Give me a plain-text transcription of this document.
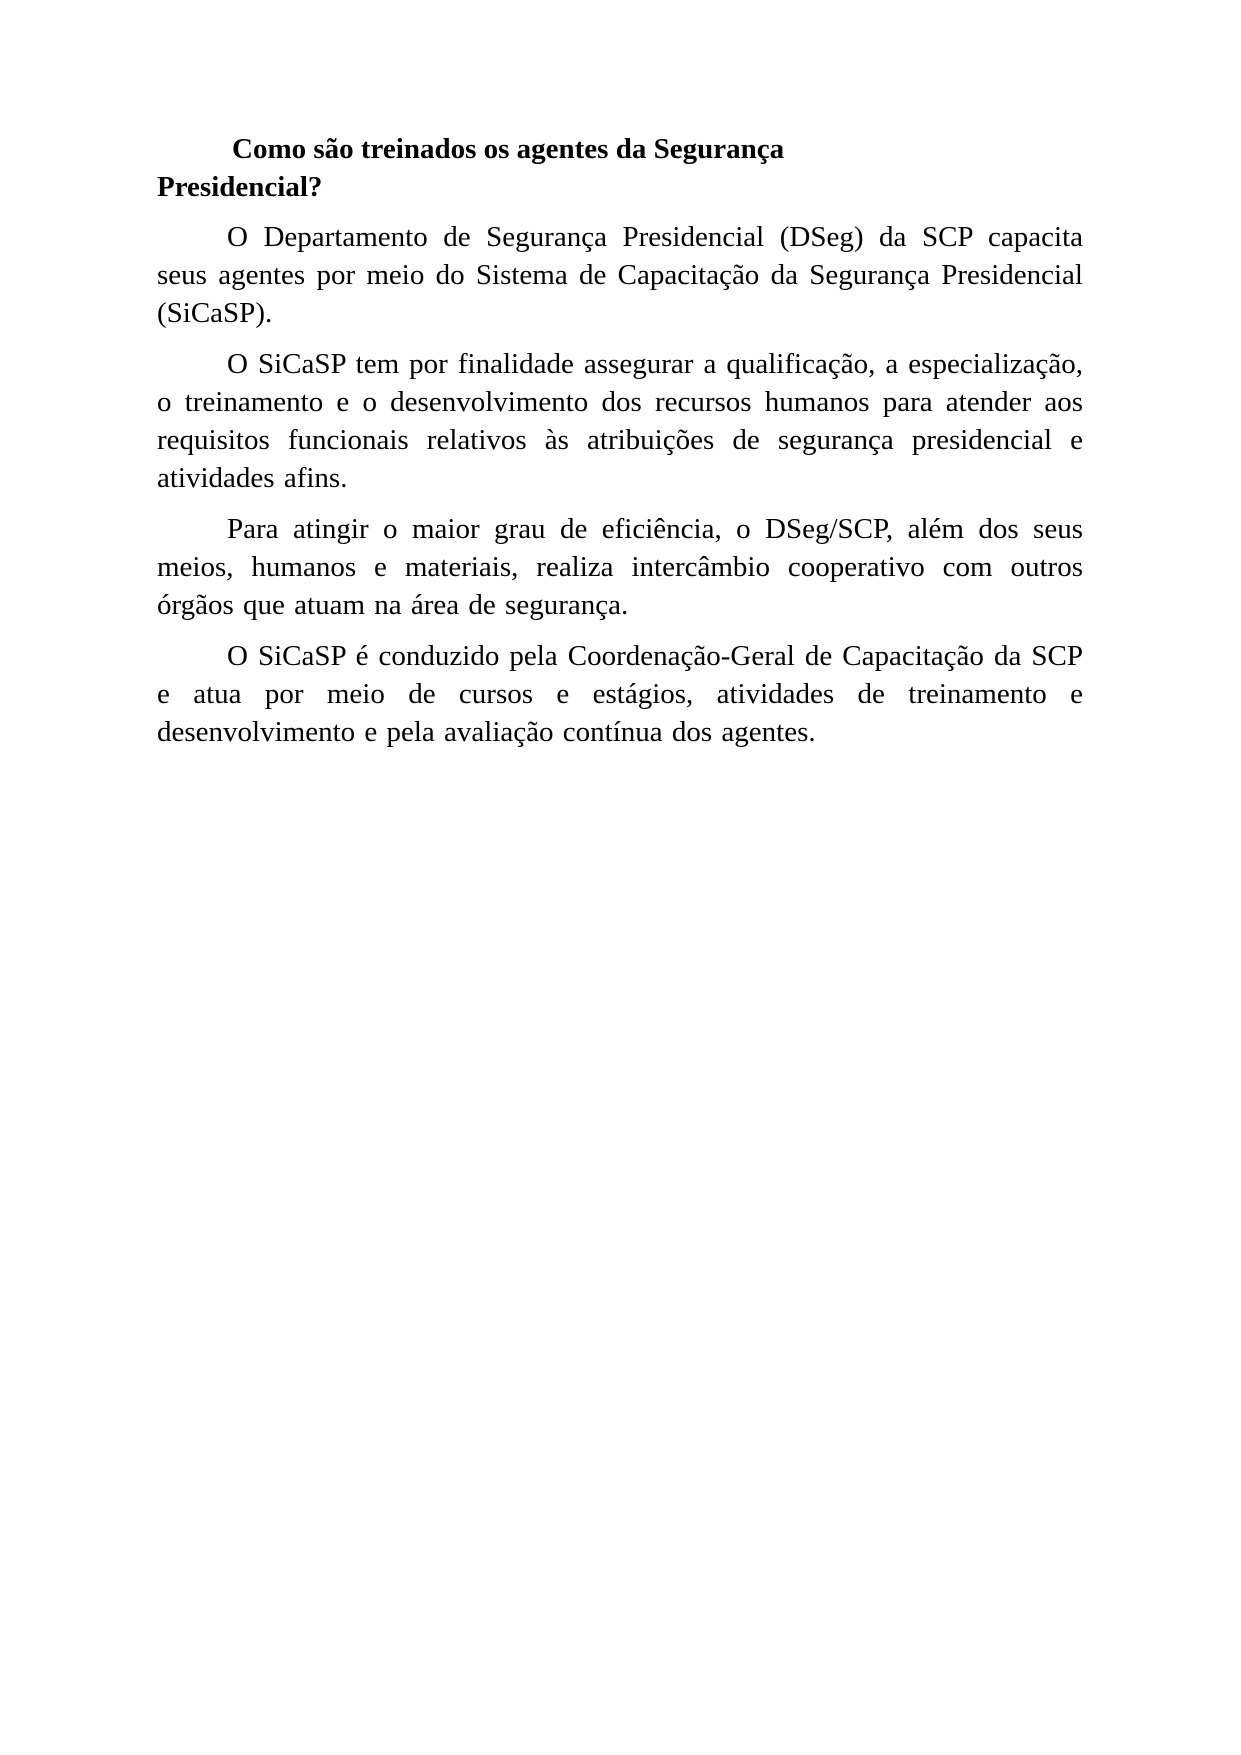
Como são treinados os agentes da Segurança
Presidencial?

O Departamento de Segurança Presidencial (DSeg) da SCP capacita seus agentes por meio do Sistema de Capacitação da Segurança Presidencial (SiCaSP).

O SiCaSP tem por finalidade assegurar a qualificação, a especialização, o treinamento e o desenvolvimento dos recursos humanos para atender aos requisitos funcionais relativos às atribuições de segurança presidencial e atividades afins.

Para atingir o maior grau de eficiência, o DSeg/SCP, além dos seus meios, humanos e materiais, realiza intercâmbio cooperativo com outros órgãos que atuam na área de segurança.

O SiCaSP é conduzido pela Coordenação-Geral de Capacitação da SCP e atua por meio de cursos e estágios, atividades de treinamento e desenvolvimento e pela avaliação contínua dos agentes.
